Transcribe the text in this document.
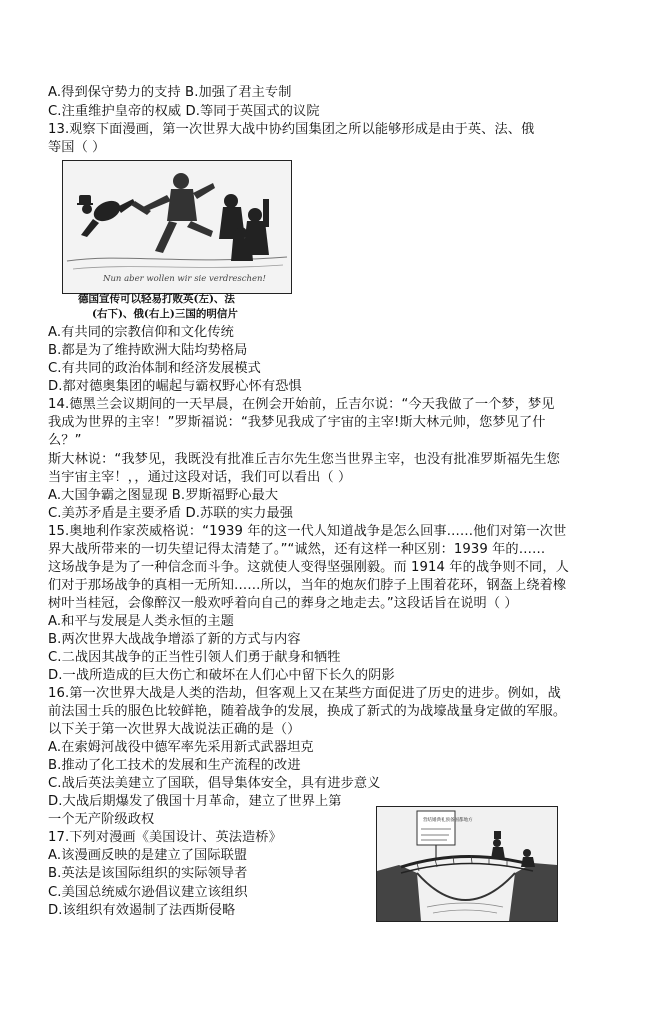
A.得到保守势力的支持 B.加强了君主专制
C.注重维护皇帝的权威 D.等同于英国式的议院
13.观察下面漫画，第一次世界大战中协约国集团之所以能够形成是由于英、法、俄
等国（ ）
Nun aber wollen wir sie verdreschen!
德国宣传可以轻易打败英(左)、法
(右下)、俄(右上)三国的明信片
A.有共同的宗教信仰和文化传统
B.都是为了维持欧洲大陆均势格局
C.有共同的政治体制和经济发展模式
D.都对德奥集团的崛起与霸权野心怀有恐惧
14.德黑兰会议期间的一天早晨，在例会开始前，丘吉尔说：“今天我做了一个梦，梦见
我成为世界的主宰！”罗斯福说：“我梦见我成了宇宙的主宰!斯大林元帅，您梦见了什
么？”
斯大林说：“我梦见，我既没有批准丘吉尔先生您当世界主宰，也没有批准罗斯福先生您
当宇宙主宰！，，通过这段对话，我们可以看出（ ）
A.大国争霸之图显现 B.罗斯福野心最大
C.美苏矛盾是主要矛盾 D.苏联的实力最强
15.奥地利作家茨威格说：“1939 年的这一代人知道战争是怎么回事……他们对第一次世
界大战所带来的一切失望记得太清楚了。”“诚然，还有这样一种区别：1939 年的……
这场战争是为了一种信念而斗争。这就使人变得坚强刚毅。而 1914 年的战争则不同，人
们对于那场战争的真相一无所知……所以，当年的炮灰们脖子上围着花环，钢盔上绕着橡
树叶当桂冠，会像醉汉一般欢呼着向自己的葬身之地走去。”这段话旨在说明（ ）
A.和平与发展是人类永恒的主题
B.两次世界大战战争增添了新的方式与内容
C.二战因其战争的正当性引领人们勇于献身和牺牲
D.一战所造成的巨大伤亡和破坏在人们心中留下长久的阴影
16.第一次世界大战是人类的浩劫，但客观上又在某些方面促进了历史的进步。例如，战
前法国士兵的服色比较鲜艳，随着战争的发展，换成了新式的为战壕战量身定做的军服。
以下关于第一次世界大战说法正确的是（）
A.在索姆河战役中德军率先采用新式武器坦克
B.推动了化工技术的发展和生产流程的改进
C.战后英法美建立了国联，倡导集体安全，具有进步意义
D.大战后期爆发了俄国十月革命，建立了世界上第
一个无产阶级政权
17.下列对漫画《美国设计、英法造桥》
A.该漫画反映的是建立了国际联盟
B.英法是该国际组织的实际领导者
C.美国总统威尔逊倡议建立该组织
D.该组织有效遏制了法西斯侵略
营结婚典礼预备国都地方
